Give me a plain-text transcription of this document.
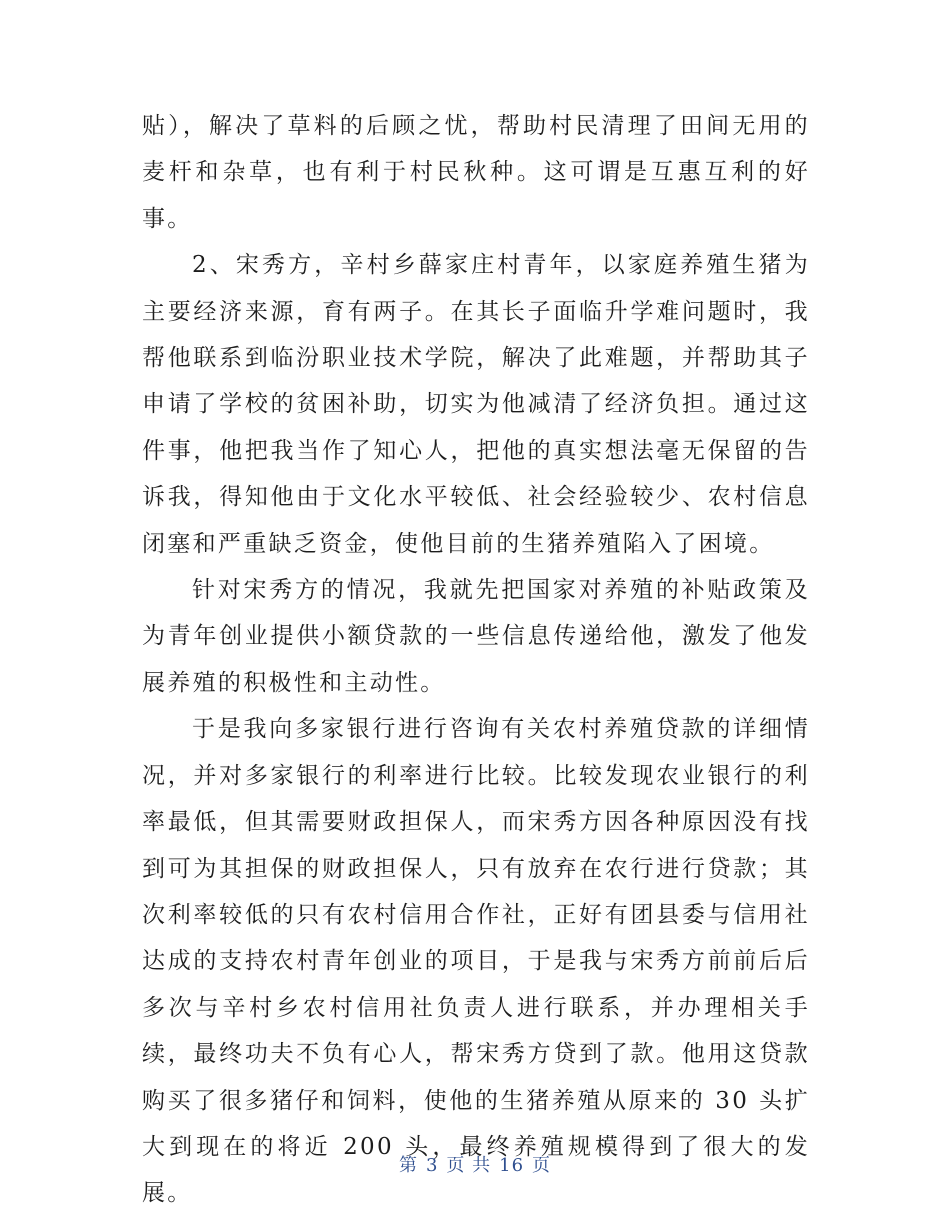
贴），解决了草料的后顾之忧，帮助村民清理了田间无用的麦杆和杂草，也有利于村民秋种。这可谓是互惠互利的好事。

2、宋秀方，辛村乡薛家庄村青年，以家庭养殖生猪为主要经济来源，育有两子。在其长子面临升学难问题时，我帮他联系到临汾职业技术学院，解决了此难题，并帮助其子申请了学校的贫困补助，切实为他减清了经济负担。通过这件事，他把我当作了知心人，把他的真实想法毫无保留的告诉我，得知他由于文化水平较低、社会经验较少、农村信息闭塞和严重缺乏资金，使他目前的生猪养殖陷入了困境。

针对宋秀方的情况，我就先把国家对养殖的补贴政策及为青年创业提供小额贷款的一些信息传递给他，激发了他发展养殖的积极性和主动性。

于是我向多家银行进行咨询有关农村养殖贷款的详细情况，并对多家银行的利率进行比较。比较发现农业银行的利率最低，但其需要财政担保人，而宋秀方因各种原因没有找到可为其担保的财政担保人，只有放弃在农行进行贷款；其次利率较低的只有农村信用合作社，正好有团县委与信用社达成的支持农村青年创业的项目，于是我与宋秀方前前后后多次与辛村乡农村信用社负责人进行联系，并办理相关手续，最终功夫不负有心人，帮宋秀方贷到了款。他用这贷款购买了很多猪仔和饲料，使他的生猪养殖从原来的 30 头扩大到现在的将近 200 头，最终养殖规模得到了很大的发展。

第 3 页 共 16 页
